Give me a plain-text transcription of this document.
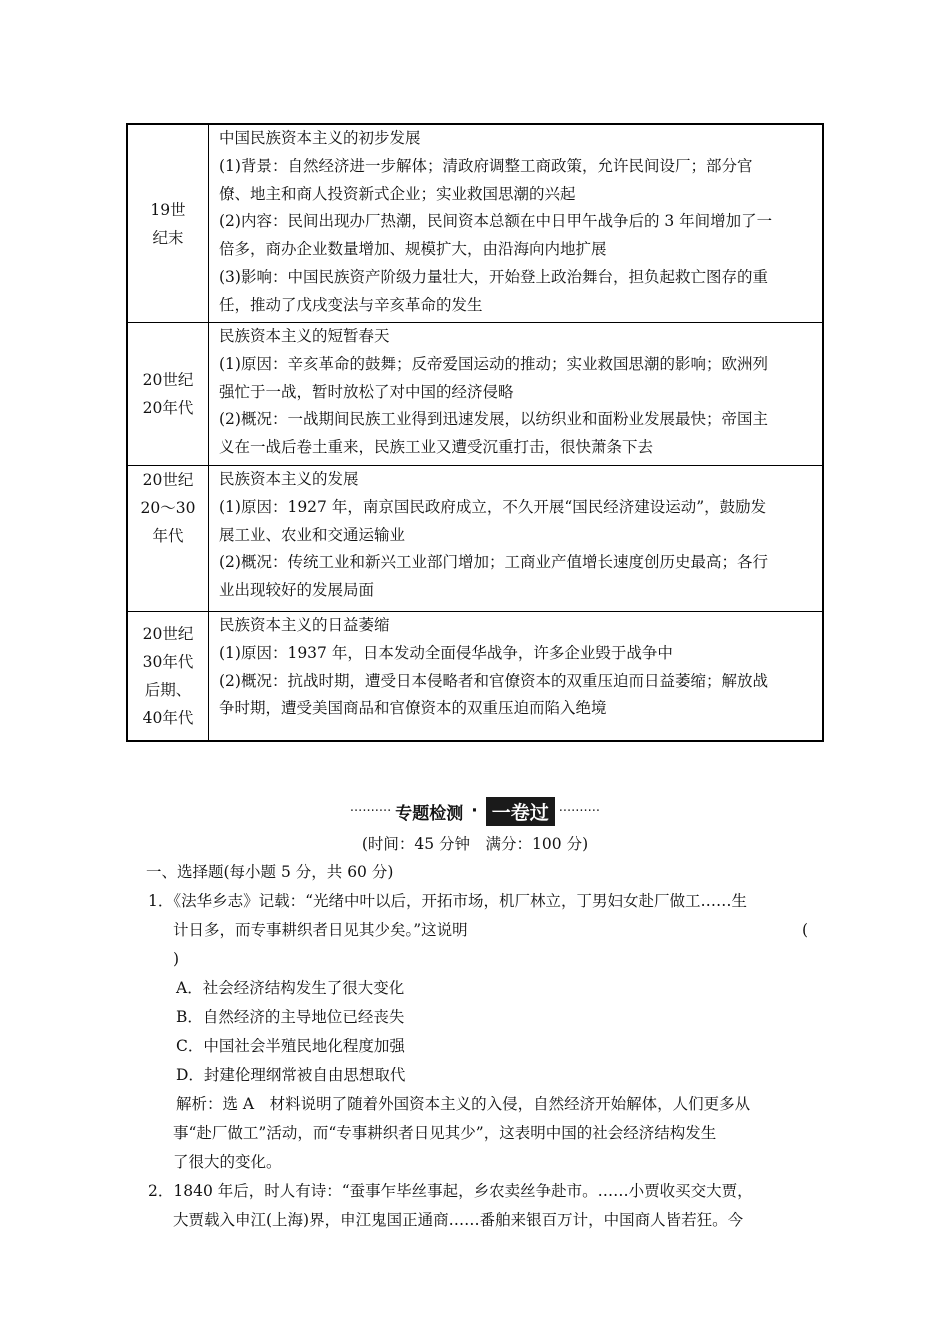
19世
纪末
中国民族资本主义的初步发展
(1)背景：自然经济进一步解体；清政府调整工商政策，允许民间设厂；部分官
僚、地主和商人投资新式企业；实业救国思潮的兴起
(2)内容：民间出现办厂热潮，民间资本总额在中日甲午战争后的 3 年间增加了一
倍多，商办企业数量增加、规模扩大，由沿海向内地扩展
(3)影响：中国民族资产阶级力量壮大，开始登上政治舞台，担负起救亡图存的重
任，推动了戊戌变法与辛亥革命的发生
20世纪
20年代
民族资本主义的短暂春天
(1)原因：辛亥革命的鼓舞；反帝爱国运动的推动；实业救国思潮的影响；欧洲列
强忙于一战，暂时放松了对中国的经济侵略
(2)概况：一战期间民族工业得到迅速发展，以纺织业和面粉业发展最快；帝国主
义在一战后卷土重来，民族工业又遭受沉重打击，很快萧条下去
20世纪
20～30
年代
民族资本主义的发展
(1)原因：1927 年，南京国民政府成立，不久开展“国民经济建设运动”，鼓励发
展工业、农业和交通运输业
(2)概况：传统工业和新兴工业部门增加；工商业产值增长速度创历史最高；各行
业出现较好的发展局面
20世纪
30年代
后期、
40年代
民族资本主义的日益萎缩
(1)原因：1937 年，日本发动全面侵华战争，许多企业毁于战争中
(2)概况：抗战时期，遭受日本侵略者和官僚资本的双重压迫而日益萎缩；解放战
争时期，遭受美国商品和官僚资本的双重压迫而陷入绝境
·········· 专题检测 · 一卷过 ··········
(时间：45 分钟　满分：100 分)
一、选择题(每小题 5 分，共 60 分)
1．《法华乡志》记载：“光绪中叶以后，开拓市场，机厂林立，丁男妇女赴厂做工……生
计日多，而专事耕织者日见其少矣。”这说明	(
)
A．社会经济结构发生了很大变化
B．自然经济的主导地位已经丧失
C．中国社会半殖民地化程度加强
D．封建伦理纲常被自由思想取代
解析：选 A　材料说明了随着外国资本主义的入侵，自然经济开始解体，人们更多从
事“赴厂做工”活动，而“专事耕织者日见其少”，这表明中国的社会经济结构发生
了很大的变化。
2．1840 年后，时人有诗：“蚕事乍毕丝事起，乡农卖丝争赴市。……小贾收买交大贾，
大贾载入申江(上海)界，申江鬼国正通商……番舶来银百万计，中国商人皆若狂。今
